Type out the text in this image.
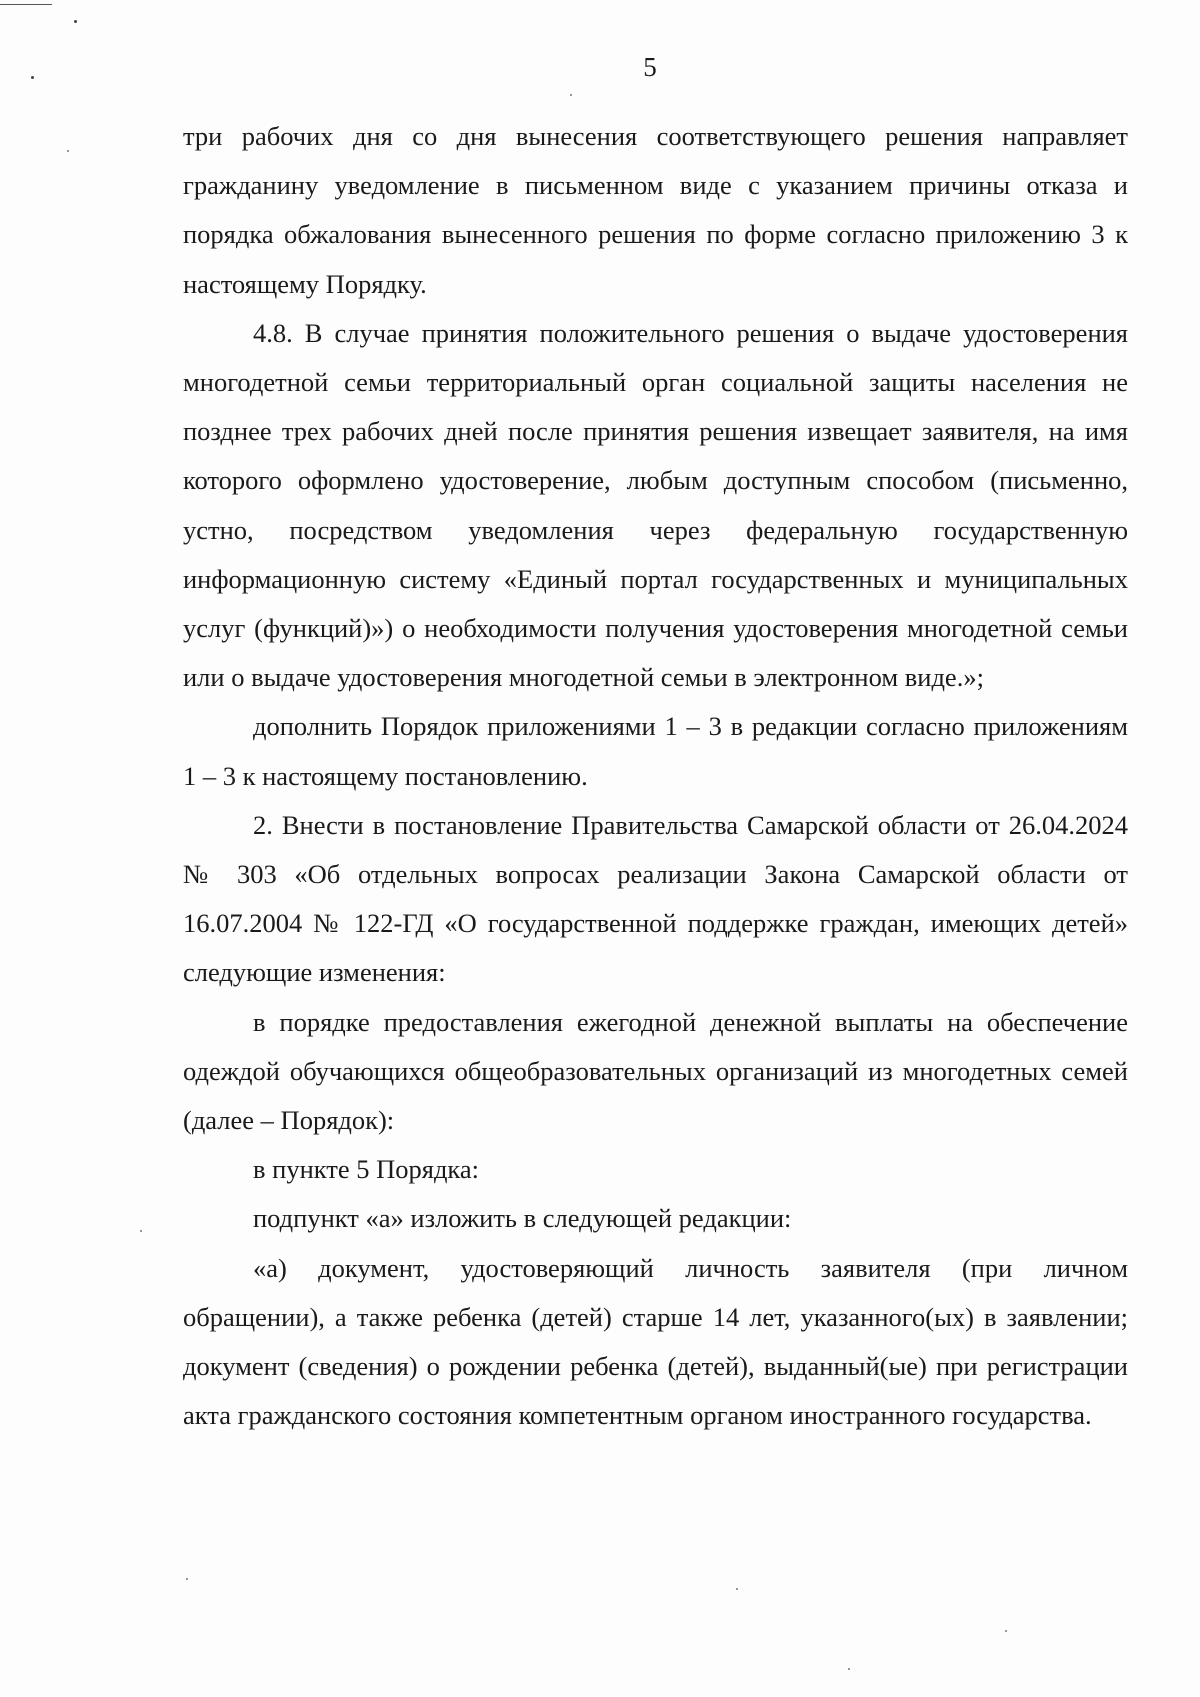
5

три рабочих дня со дня вынесения соответствующего решения направляет гражданину уведомление в письменном виде с указанием причины отказа и порядка обжалования вынесенного решения по форме согласно приложению 3 к настоящему Порядку.

4.8. В случае принятия положительного решения о выдаче удостоверения многодетной семьи территориальный орган социальной защиты населения не позднее трех рабочих дней после принятия решения извещает заявителя, на имя которого оформлено удостоверение, любым доступным способом (письменно, устно, посредством уведомления через федеральную государственную информационную систему «Единый портал государственных и муниципальных услуг (функций)») о необходимости получения удостоверения многодетной семьи или о выдаче удостоверения многодетной семьи в электронном виде.»;

дополнить Порядок приложениями 1 – 3 в редакции согласно приложениям 1 – 3 к настоящему постановлению.

2. Внести в постановление Правительства Самарской области от 26.04.2024 № 303 «Об отдельных вопросах реализации Закона Самарской области от 16.07.2004 № 122-ГД «О государственной поддержке граждан, имеющих детей» следующие изменения:

в порядке предоставления ежегодной денежной выплаты на обеспечение одеждой обучающихся общеобразовательных организаций из многодетных семей (далее – Порядок):

в пункте 5 Порядка:

подпункт «а» изложить в следующей редакции:

«а) документ, удостоверяющий личность заявителя (при личном обращении), а также ребенка (детей) старше 14 лет, указанного(ых) в заявлении; документ (сведения) о рождении ребенка (детей), выданный(ые) при регистрации акта гражданского состояния компетентным органом иностранного государства.
